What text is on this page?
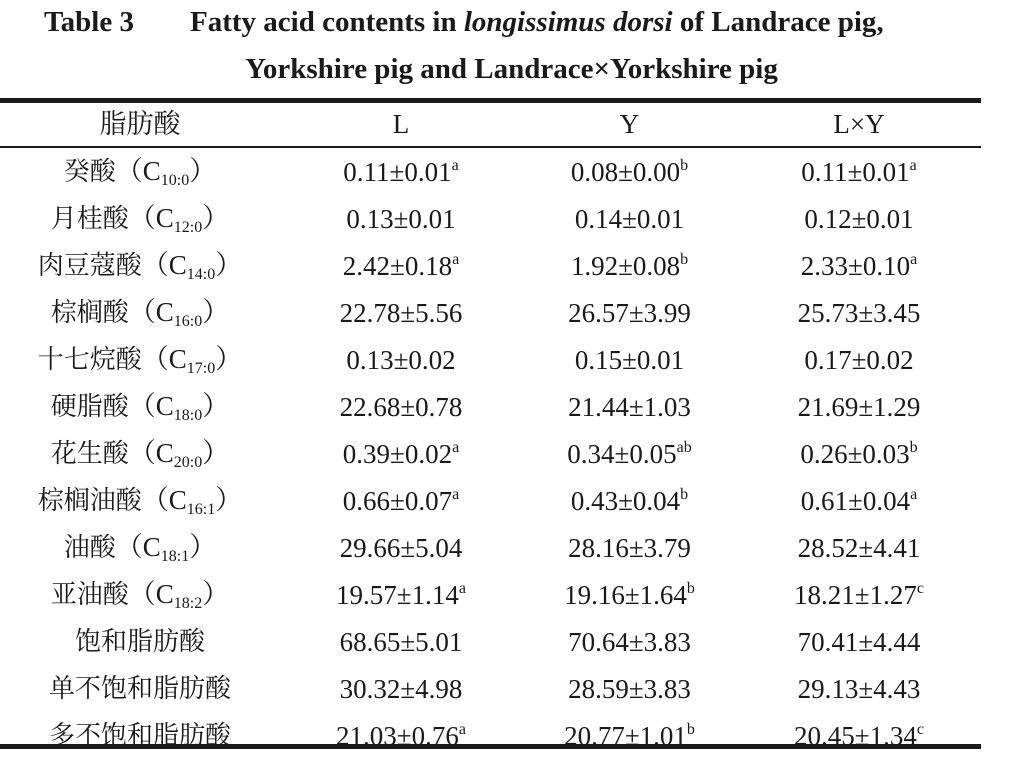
Table 3 Fatty acid contents in longissimus dorsi of Landrace pig,
Yorkshire pig and Landrace×Yorkshire pig
脂肪酸	L	Y	L×Y
癸酸$(C_{10:0})$	0.11±0.01$^a$	0.08±0.00$^b$	0.11±0.01$^a$
月桂酸$(C_{12:0})$	0.13±0.01	0.14±0.01	0.12±0.01
肉豆蔻酸$(C_{14:0})$	2.42±0.18$^a$	1.92±0.08$^b$	2.33±0.10$^a$
棕榈酸$(C_{16:0})$	22.78±5.56	26.57±3.99	25.73±3.45
十七烷酸$(C_{17:0})$	0.13±0.02	0.15±0.01	0.17±0.02
硬脂酸$(C_{18:0})$	22.68±0.78	21.44±1.03	21.69±1.29
花生酸$(C_{20:0})$	0.39±0.02$^a$	0.34±0.05$^{ab}$	0.26±0.03$^b$
棕榈油酸$(C_{16:1})$	0.66±0.07$^a$	0.43±0.04$^b$	0.61±0.04$^a$
油酸$(C_{18:1})$	29.66±5.04	28.16±3.79	28.52±4.41
亚油酸$(C_{18:2})$	19.57±1.14$^a$	19.16±1.64$^b$	18.21±1.27$^c$
饱和脂肪酸	68.65±5.01	70.64±3.83	70.41±4.44
单不饱和脂肪酸	30.32±4.98	28.59±3.83	29.13±4.43
多不饱和脂肪酸	21.03±0.76$^a$	20.77±1.01$^b$	20.45±1.34$^c$
